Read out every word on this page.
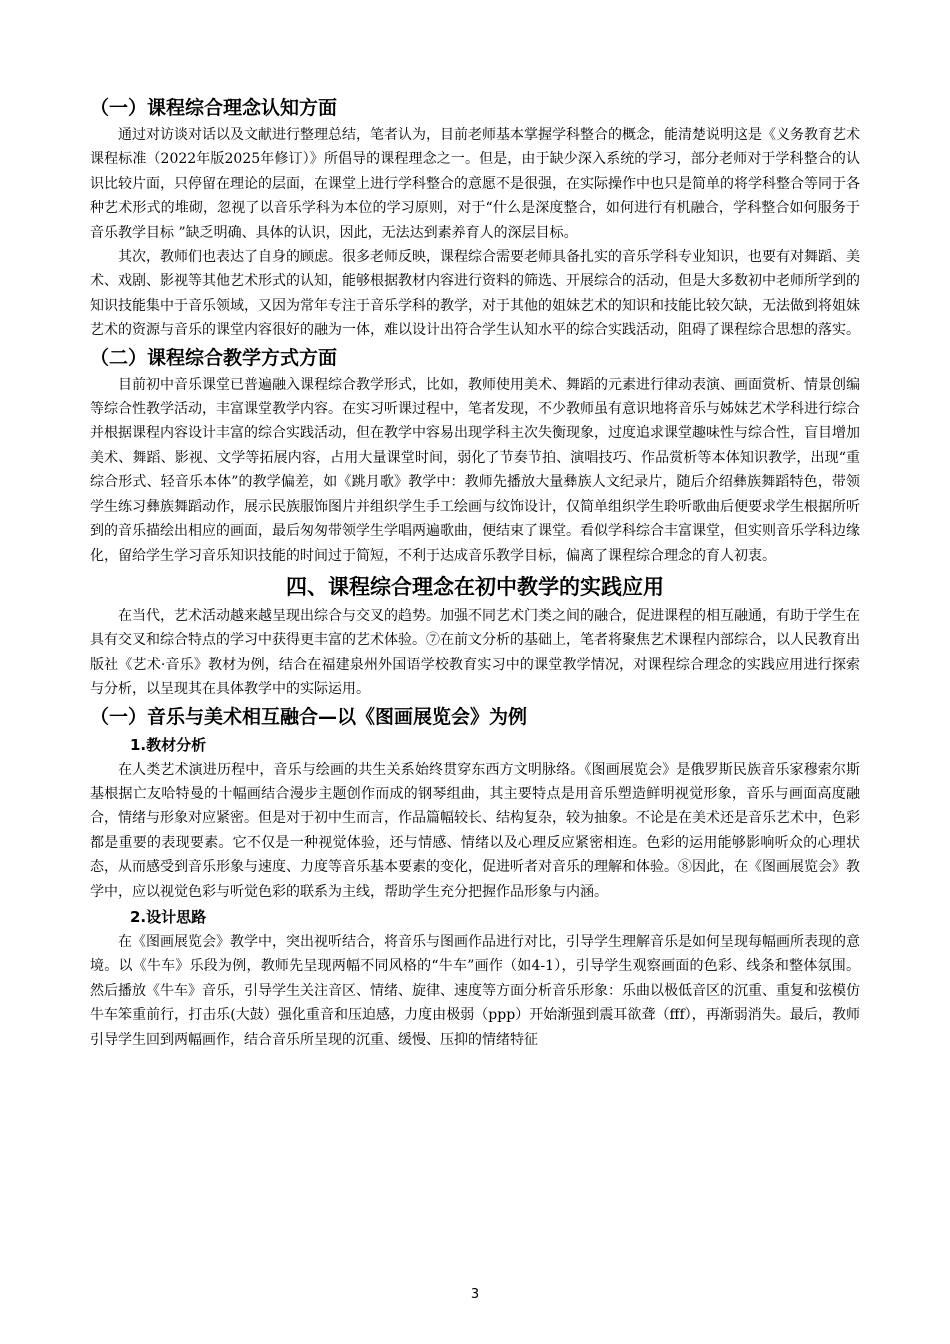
（一）课程综合理念认知方面

通过对访谈对话以及文献进行整理总结，笔者认为，目前老师基本掌握学科整合的概念，能清楚说明这是《义务教育艺术课程标准（2022年版2025年修订）》所倡导的课程理念之一。但是，由于缺少深入系统的学习，部分老师对于学科整合的认识比较片面，只停留在理论的层面，在课堂上进行学科整合的意愿不是很强，在实际操作中也只是简单的将学科整合等同于各种艺术形式的堆砌，忽视了以音乐学科为本位的学习原则，对于“什么是深度整合，如何进行有机融合，学科整合如何服务于音乐教学目标 ”缺乏明确、具体的认识，因此，无法达到素养育人的深层目标。

其次，教师们也表达了自身的顾虑。很多老师反映，课程综合需要老师具备扎实的音乐学科专业知识，也要有对舞蹈、美术、戏剧、影视等其他艺术形式的认知，能够根据教材内容进行资料的筛选、开展综合的活动，但是大多数初中老师所学到的知识技能集中于音乐领域，又因为常年专注于音乐学科的教学，对于其他的姐妹艺术的知识和技能比较欠缺，无法做到将姐妹艺术的资源与音乐的课堂内容很好的融为一体，难以设计出符合学生认知水平的综合实践活动，阻碍了课程综合思想的落实。

（二）课程综合教学方式方面

目前初中音乐课堂已普遍融入课程综合教学形式，比如，教师使用美术、舞蹈的元素进行律动表演、画面赏析、情景创编等综合性教学活动，丰富课堂教学内容。在实习听课过程中，笔者发现，不少教师虽有意识地将音乐与姊妹艺术学科进行综合并根据课程内容设计丰富的综合实践活动，但在教学中容易出现学科主次失衡现象，过度追求课堂趣味性与综合性，盲目增加美术、舞蹈、影视、文学等拓展内容，占用大量课堂时间，弱化了节奏节拍、演唱技巧、作品赏析等本体知识教学，出现“重综合形式、轻音乐本体”的教学偏差，如《跳月歌》教学中：教师先播放大量彝族人文纪录片，随后介绍彝族舞蹈特色，带领学生练习彝族舞蹈动作，展示民族服饰图片并组织学生手工绘画与纹饰设计，仅简单组织学生聆听歌曲后便要求学生根据所听到的音乐描绘出相应的画面，最后匆匆带领学生学唱两遍歌曲，便结束了课堂。看似学科综合丰富课堂，但实则音乐学科边缘化，留给学生学习音乐知识技能的时间过于简短，不利于达成音乐教学目标，偏离了课程综合理念的育人初衷。

四、课程综合理念在初中教学的实践应用

在当代，艺术活动越来越呈现出综合与交叉的趋势。加强不同艺术门类之间的融合，促进课程的相互融通，有助于学生在具有交叉和综合特点的学习中获得更丰富的艺术体验。⑦在前文分析的基础上，笔者将聚焦艺术课程内部综合，以人民教育出版社《艺术·音乐》教材为例，结合在福建泉州外国语学校教育实习中的课堂教学情况，对课程综合理念的实践应用进行探索与分析，以呈现其在具体教学中的实际运用。

（一）音乐与美术相互融合—以《图画展览会》为例
1.教材分析

在人类艺术演进历程中，音乐与绘画的共生关系始终贯穿东西方文明脉络。《图画展览会》是俄罗斯民族音乐家穆索尔斯基根据亡友哈特曼的十幅画结合漫步主题创作而成的钢琴组曲，其主要特点是用音乐塑造鲜明视觉形象，音乐与画面高度融合，情绪与形象对应紧密。但是对于初中生而言，作品篇幅较长、结构复杂，较为抽象。不论是在美术还是音乐艺术中，色彩都是重要的表现要素。它不仅是一种视觉体验，还与情感、情绪以及心理反应紧密相连。色彩的运用能够影响听众的心理状态，从而感受到音乐形象与速度、力度等音乐基本要素的变化，促进听者对音乐的理解和体验。⑧因此，在《图画展览会》教学中，应以视觉色彩与听觉色彩的联系为主线，帮助学生充分把握作品形象与内涵。

2.设计思路

在《图画展览会》教学中，突出视听结合，将音乐与图画作品进行对比，引导学生理解音乐是如何呈现每幅画所表现的意境。以《牛车》乐段为例，教师先呈现两幅不同风格的“牛车”画作（如4-1），引导学生观察画面的色彩、线条和整体氛围。然后播放《牛车》音乐，引导学生关注音区、情绪、旋律、速度等方面分析音乐形象：乐曲以极低音区的沉重、重复和弦模仿牛车笨重前行，打击乐(大鼓）强化重音和压迫感，力度由极弱（ppp）开始渐强到震耳欲聋（fff），再渐弱消失。最后，教师引导学生回到两幅画作，结合音乐所呈现的沉重、缓慢、压抑的情绪特征

3
